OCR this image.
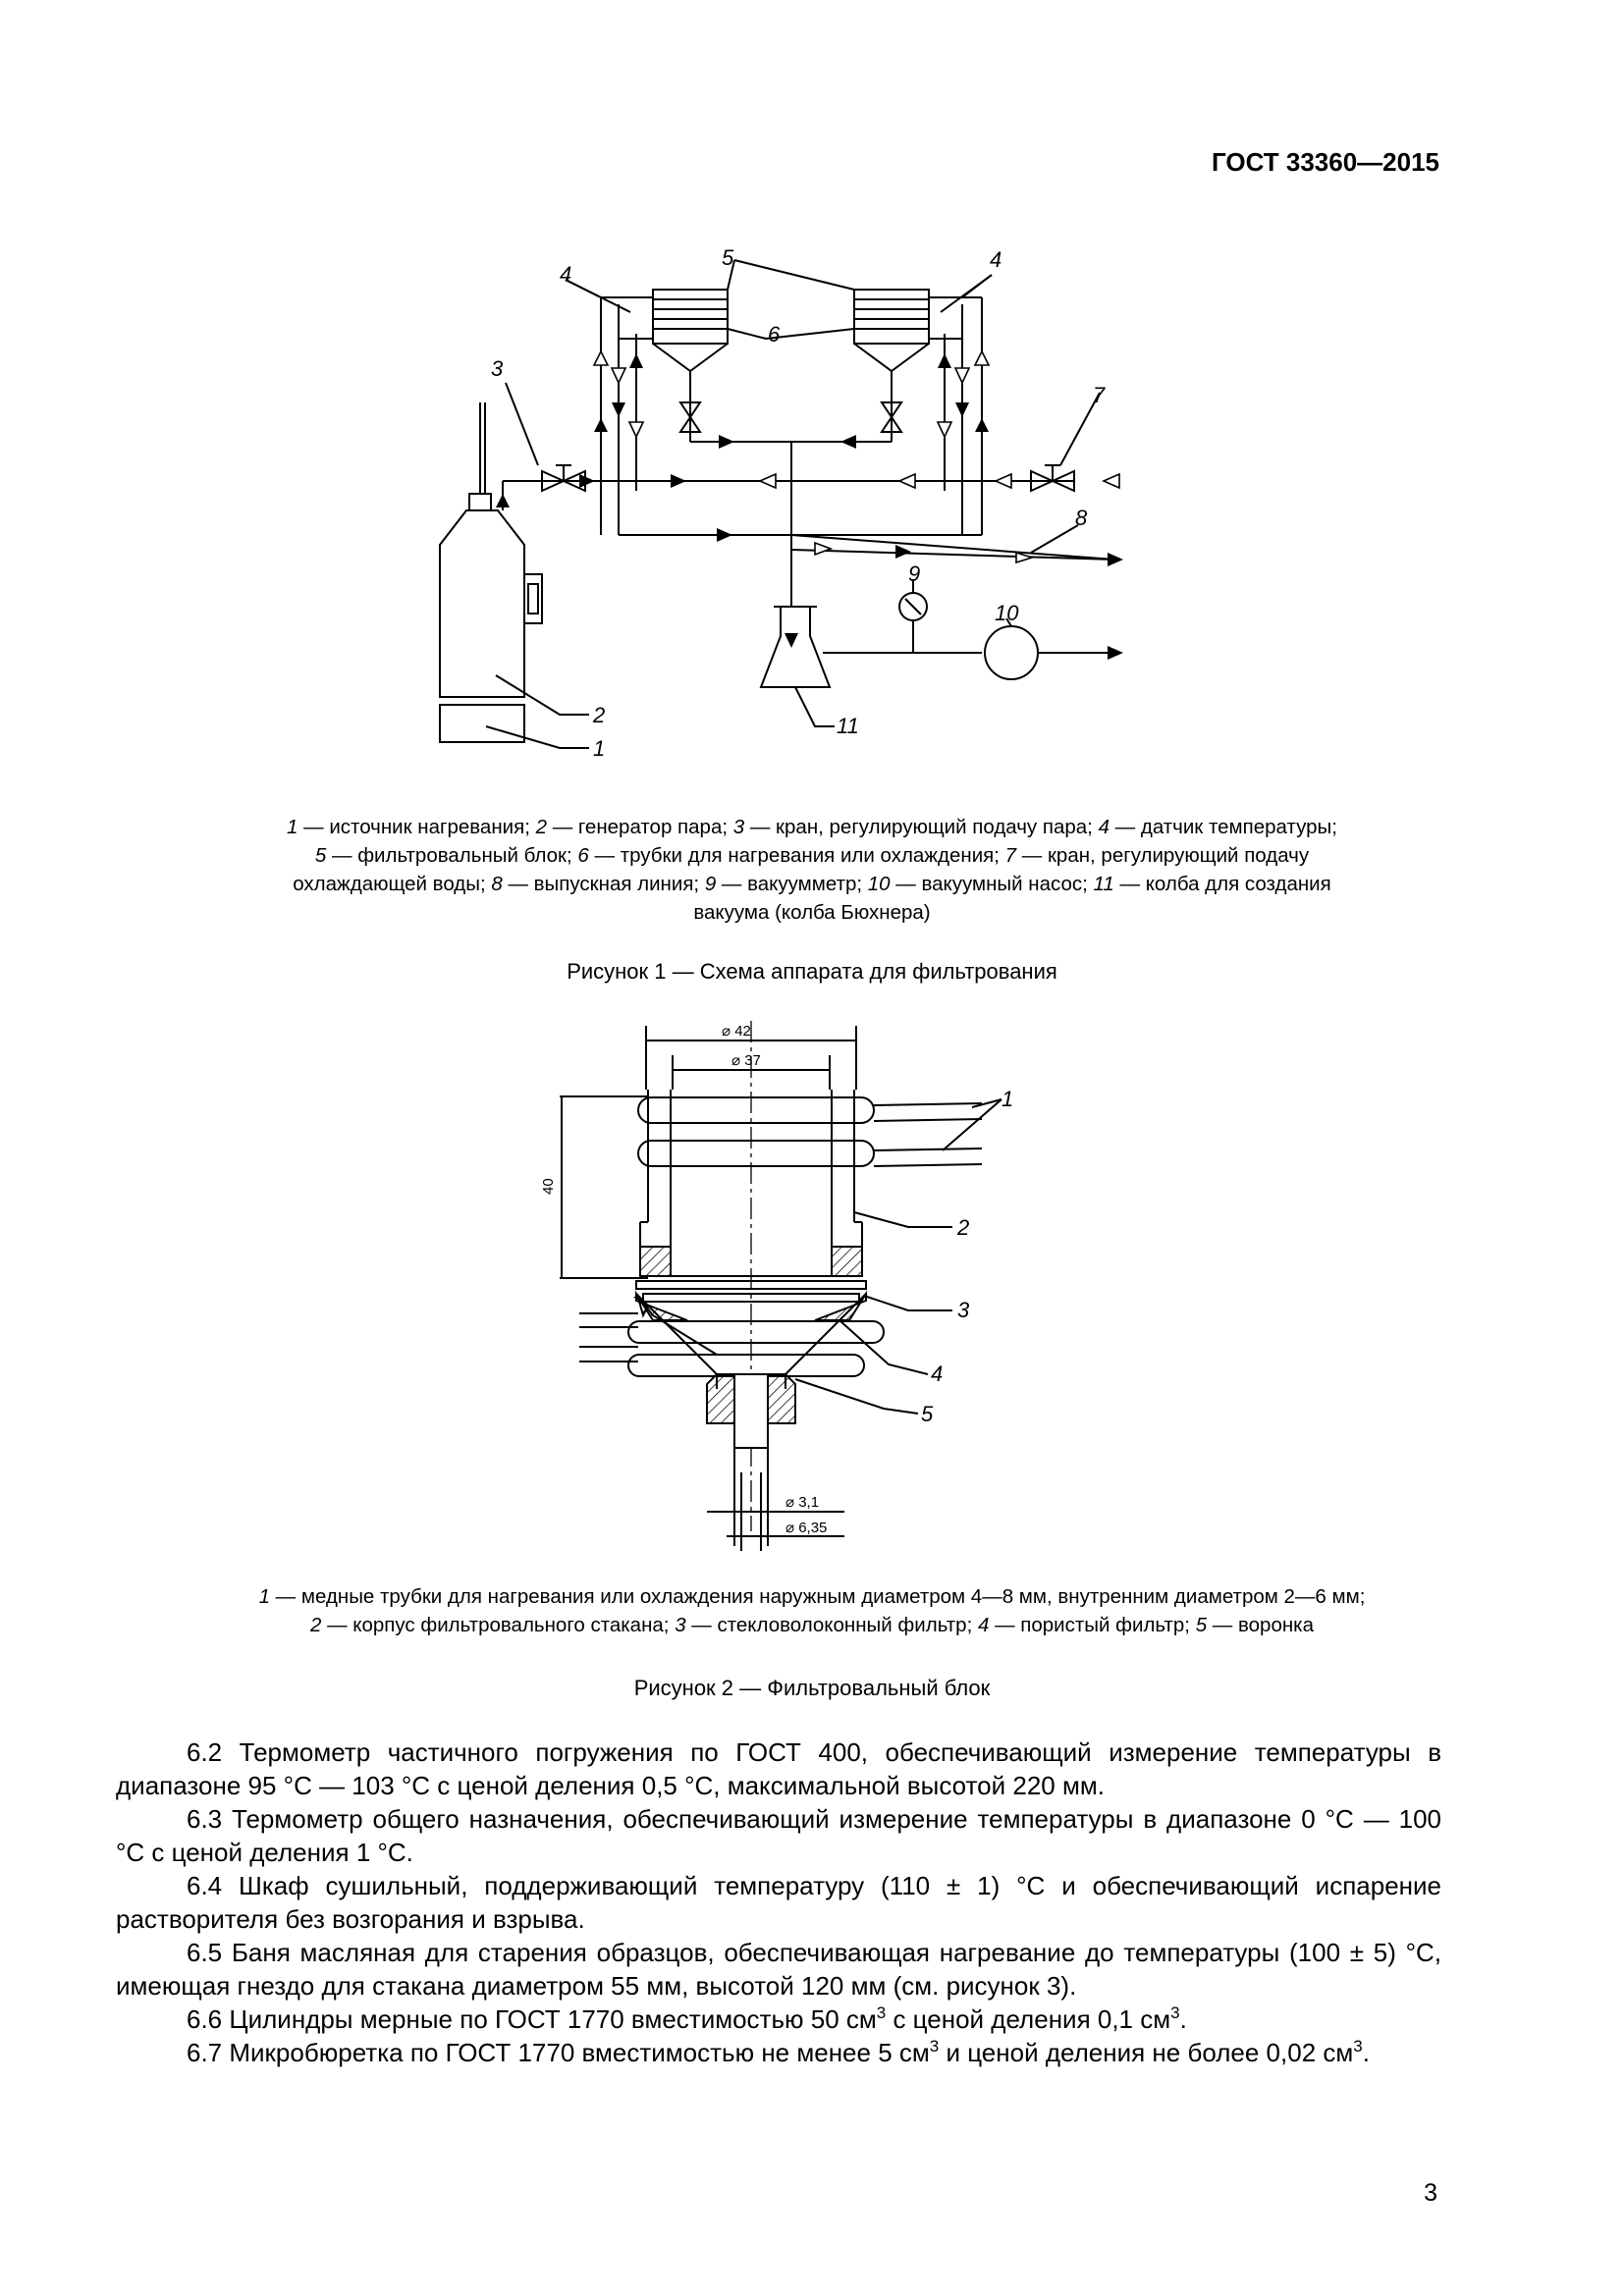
ГОСТ 33360—2015
3
4
4
5
6
7
8
9
10
11
2
1
1 — источник нагревания; 2 — генератор пара; 3 — кран, регулирующий подачу пара; 4 — датчик температуры;
5 — фильтровальный блок; 6 — трубки для нагревания или охлаждения; 7 — кран, регулирующий подачу
охлаждающей воды; 8 — выпускная линия; 9 — вакуумметр; 10 — вакуумный насос; 11 — колба для создания
вакуума (колба Бюхнера)
Рисунок 1 — Схема аппарата для фильтрования
⌀ 42
⌀ 37
40
⌀ 3,1
⌀ 6,35
1
2
3
4
5
1 — медные трубки для нагревания или охлаждения наружным диаметром 4—8 мм, внутренним диаметром 2—6 мм;
2 — корпус фильтровального стакана; 3 — стекловолоконный фильтр; 4 — пористый фильтр; 5 — воронка
Рисунок 2 — Фильтровальный блок
6.2 Термометр частичного погружения по ГОСТ 400, обеспечивающий измерение температуры в диапазоне 95 °С — 103 °С с ценой деления 0,5 °С, максимальной высотой 220 мм.
6.3 Термометр общего назначения, обеспечивающий измерение температуры в диапазоне 0 °С — 100 °С с ценой деления 1 °С.
6.4 Шкаф сушильный, поддерживающий температуру (110 ± 1) °С и обеспечивающий испарение растворителя без возгорания и взрыва.
6.5 Баня масляная для старения образцов, обеспечивающая нагревание до температуры (100 ± 5) °С, имеющая гнездо для стакана диаметром 55 мм, высотой 120 мм (см. рисунок 3).
6.6 Цилиндры мерные по ГОСТ 1770 вместимостью 50 $см^3$ с ценой деления 0,1 $см^3$.
6.7 Микробюретка по ГОСТ 1770 вместимостью не менее 5 $см^3$ и ценой деления не более 0,02 $см^3$.
3
